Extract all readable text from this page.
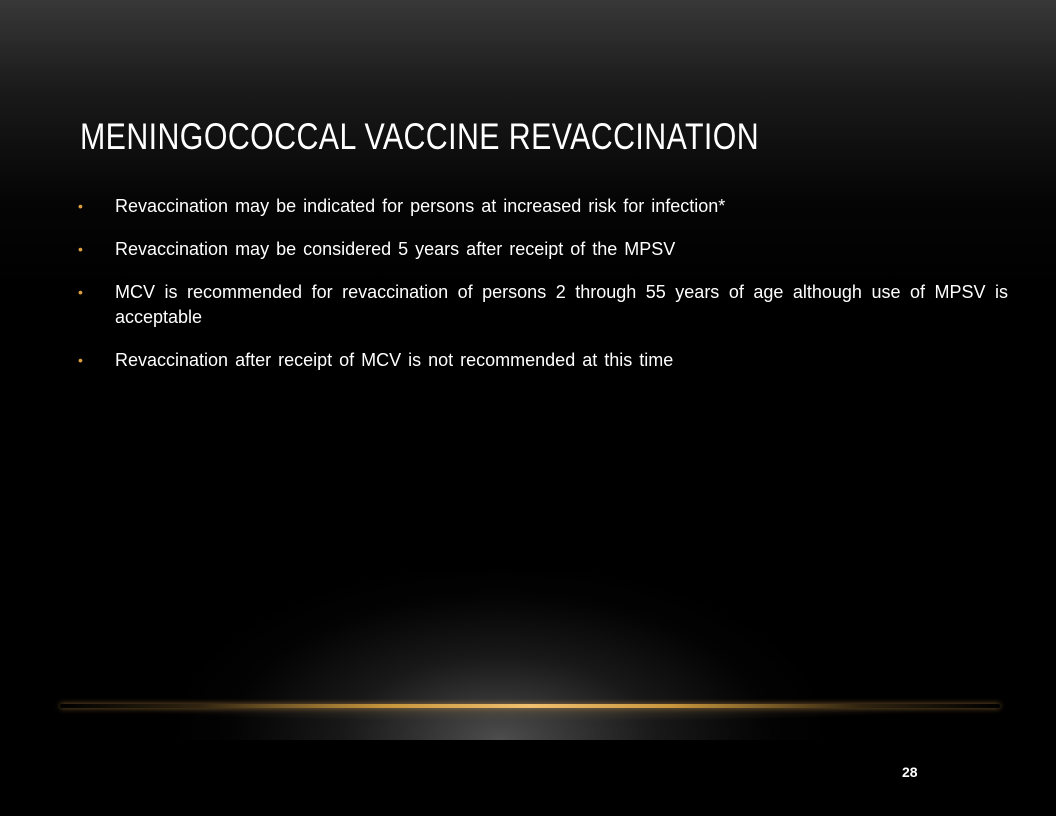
MENINGOCOCCAL VACCINE REVACCINATION
• Revaccination may be indicated for persons at increased risk for infection*
• Revaccination may be considered 5 years after receipt of the MPSV
• MCV is recommended for revaccination of persons 2 through 55 years of age although use of MPSV is acceptable
• Revaccination after receipt of MCV is not recommended at this time
28
